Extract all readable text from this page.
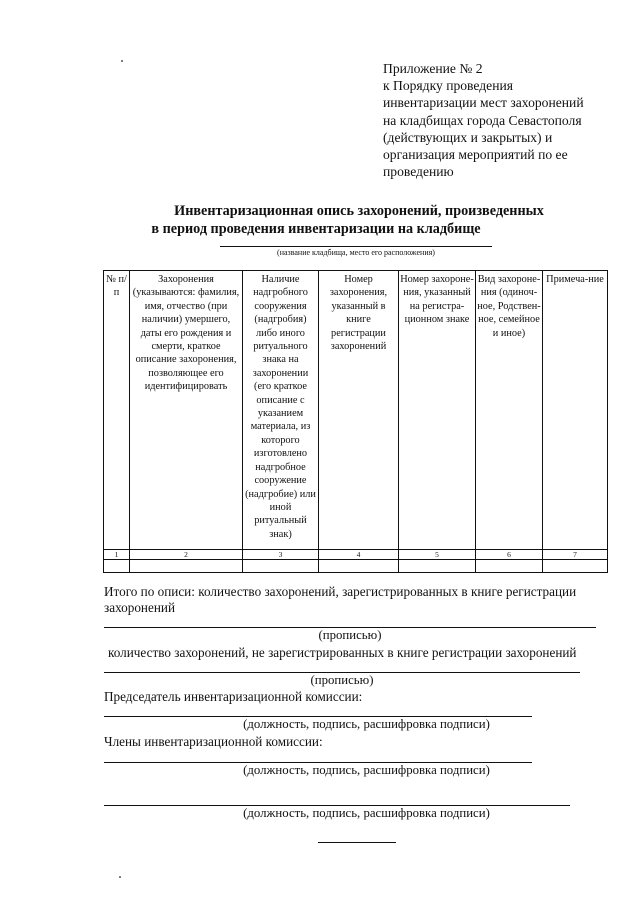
Приложение № 2
к Порядку проведения
инвентаризации мест захоронений
на кладбищах города Севастополя
(действующих и закрытых) и
организация мероприятий по ее
проведению
Инвентаризационная опись захоронений, произведенных
в период проведения инвентаризации на кладбище
(название кладбища, место его расположения)
№ п/п	Захоронения (указываются: фамилия, имя, отчество (при наличии) умершего, даты его рождения и смерти, краткое описание захоронения, позволяющее его идентифицировать	Наличие надгробного сооружения (надгробия) либо иного ритуального знака на захоронении (его краткое описание с указанием материала, из которого изготовлено надгробное сооружение (надгробие) или иной ритуальный знак)	Номер захоронения, указанный в книге регистрации захоронений	Номер захороне-ния, указанный на регистра-ционном знаке	Вид захороне-ния (одиноч-ное, Родствен-ное, семейное и иное)	Примеча-ние
1	2	3	4	5	6	7

Итого по описи: количество захоронений, зарегистрированных в книге регистрации
захоронений
(прописью)
количество захоронений, не зарегистрированных в книге регистрации захоронений
(прописью)
Председатель инвентаризационной комиссии:
(должность, подпись, расшифровка подписи)
Члены инвентаризационной комиссии:
(должность, подпись, расшифровка подписи)
(должность, подпись, расшифровка подписи)
